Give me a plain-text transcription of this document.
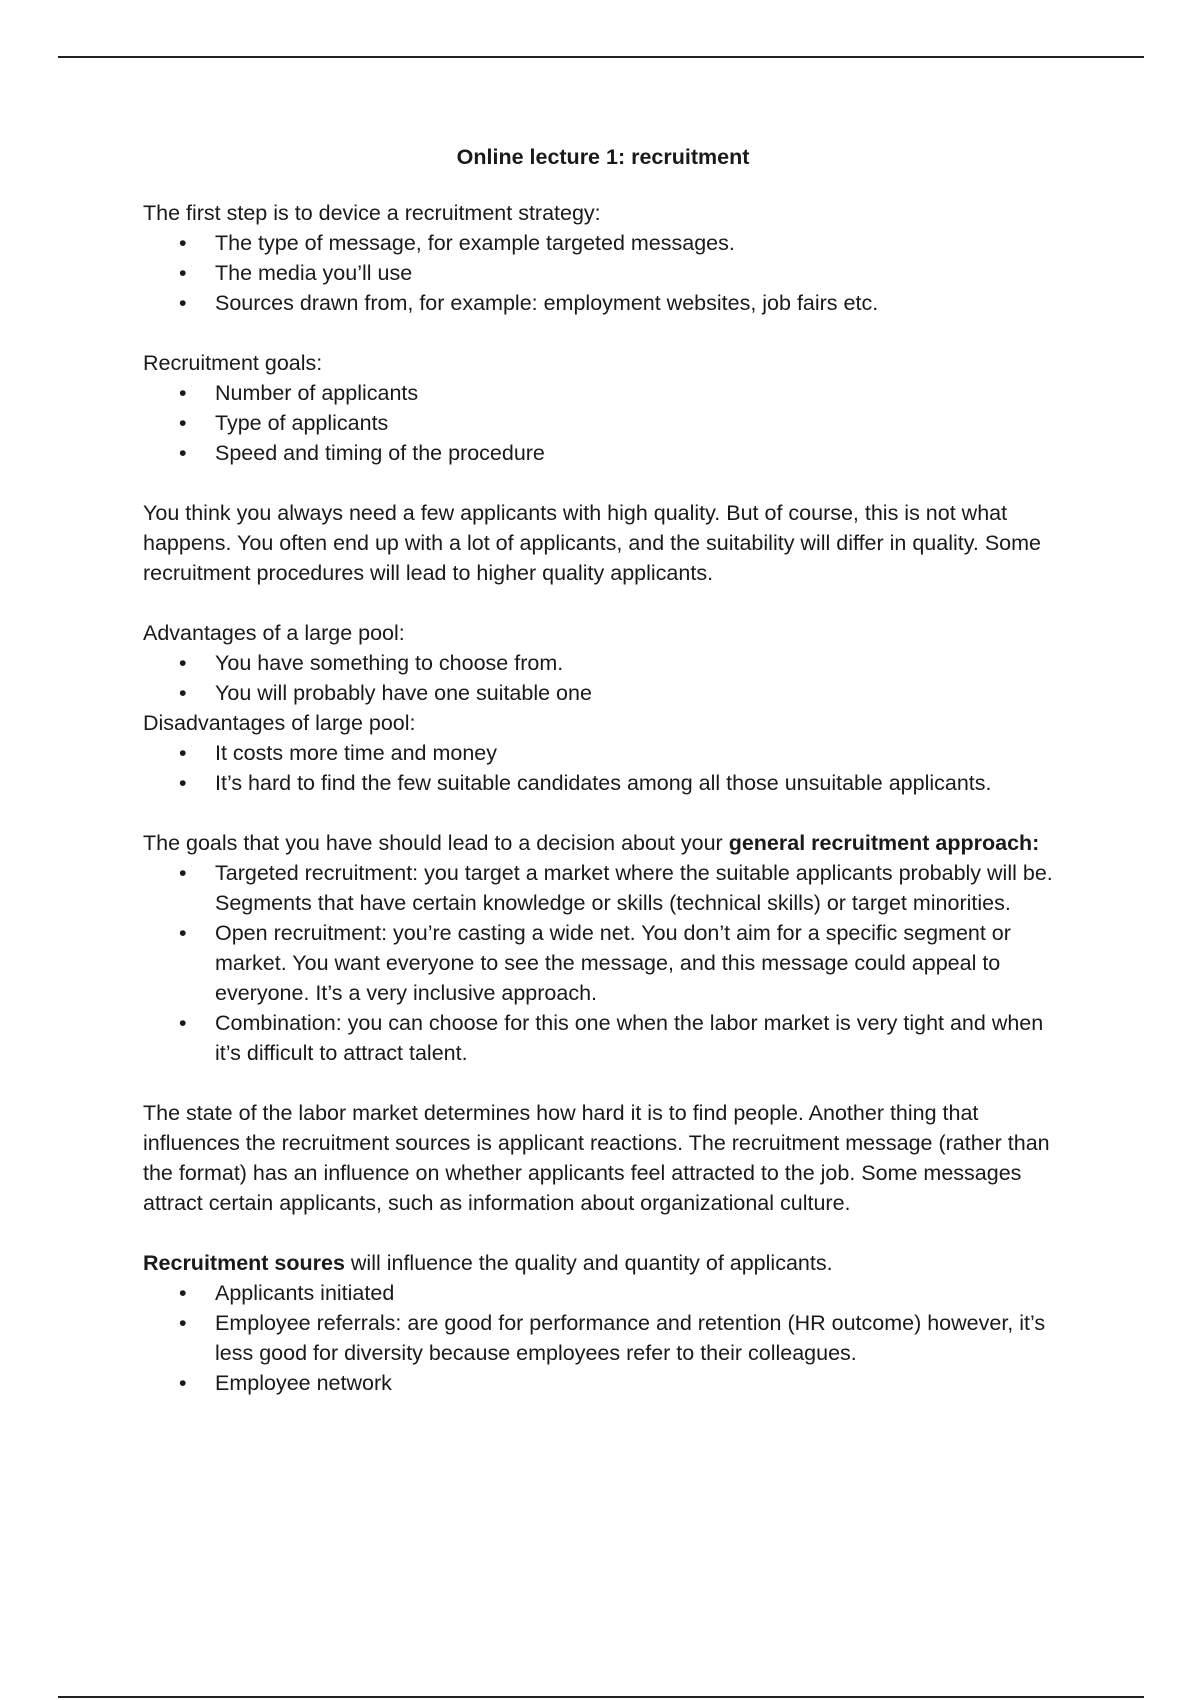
Online lecture 1: recruitment

The first step is to device a recruitment strategy:

• The type of message, for example targeted messages.
• The media you’ll use
• Sources drawn from, for example: employment websites, job fairs etc.

Recruitment goals:

• Number of applicants
• Type of applicants
• Speed and timing of the procedure

You think you always need a few applicants with high quality. But of course, this is not what happens. You often end up with a lot of applicants, and the suitability will differ in quality. Some recruitment procedures will lead to higher quality applicants.

Advantages of a large pool:

• You have something to choose from.
• You will probably have one suitable one

Disadvantages of large pool:

• It costs more time and money
• It’s hard to find the few suitable candidates among all those unsuitable applicants.

The goals that you have should lead to a decision about your general recruitment approach:

• Targeted recruitment: you target a market where the suitable applicants probably will be. Segments that have certain knowledge or skills (technical skills) or target minorities.
• Open recruitment: you’re casting a wide net. You don’t aim for a specific segment or market. You want everyone to see the message, and this message could appeal to everyone. It’s a very inclusive approach.
• Combination: you can choose for this one when the labor market is very tight and when it’s difficult to attract talent.

The state of the labor market determines how hard it is to find people. Another thing that influences the recruitment sources is applicant reactions. The recruitment message (rather than the format) has an influence on whether applicants feel attracted to the job. Some messages attract certain applicants, such as information about organizational culture.

Recruitment soures will influence the quality and quantity of applicants.

• Applicants initiated
• Employee referrals: are good for performance and retention (HR outcome) however, it’s less good for diversity because employees refer to their colleagues.
• Employee network
